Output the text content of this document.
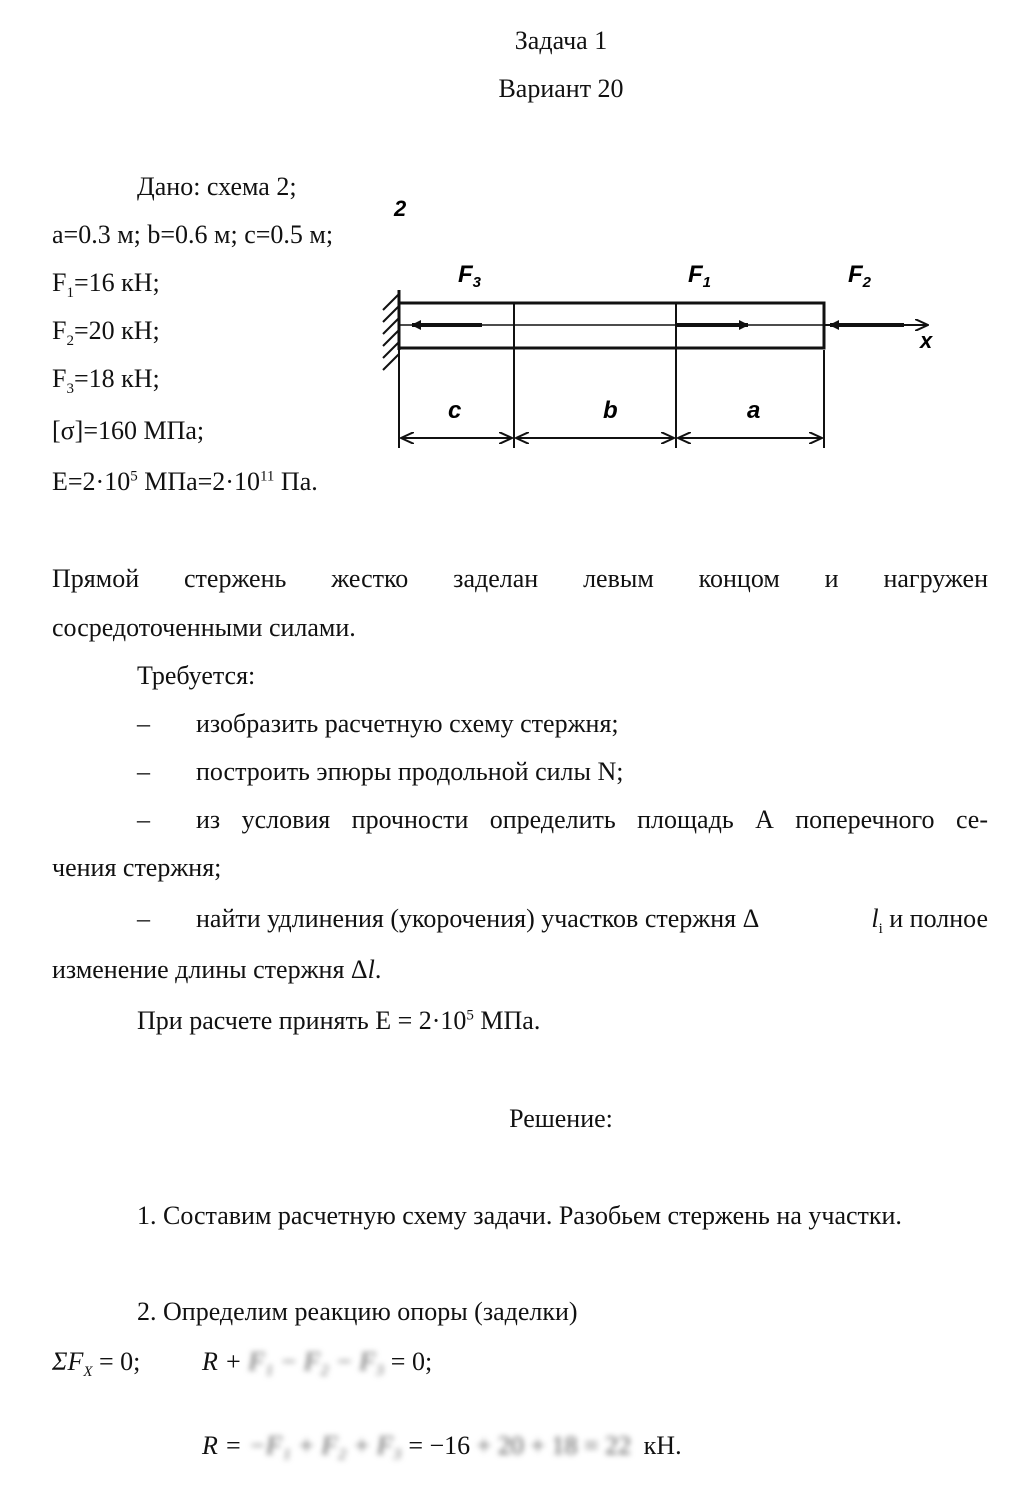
Задача 1
Вариант 20
Дано: схема 2;
a=0.3 м; b=0.6 м; c=0.5 м;
$F_1=16$ кН;
$F_2=20$ кН;
$F_3=18$ кН;
[σ]=160 МПа;
$E=2\cdot 10^5$ $МПа=2\cdot 10^{11}$ Па.
2
x
$F_3$	$F_1$	$F_2$
c	b	a
Прямой стержень жестко заделан левым концом и нагружен
сосредоточенными силами.
Требуется:
– изобразить расчетную схему стержня;
– построить эпюры продольной силы N;
– из условия прочности определить площадь А поперечного се-
чения стержня;
– найти удлинения (укорочения) участков стержня Δ	$l_i$ и полное
изменение длины стержня Δl.
При расчете принять $E = 2\cdot 10^5$ МПа.
Решение:
1. Составим расчетную схему задачи. Разобьем стержень на участки.
2. Определим реакцию опоры (заделки)
$\Sigma F_X = 0$; R + F₁ − F₂ − F₃ = 0;
R = −F₁ + F₂ + F₃ = −16 + 20 + 18 = 22 кН.
